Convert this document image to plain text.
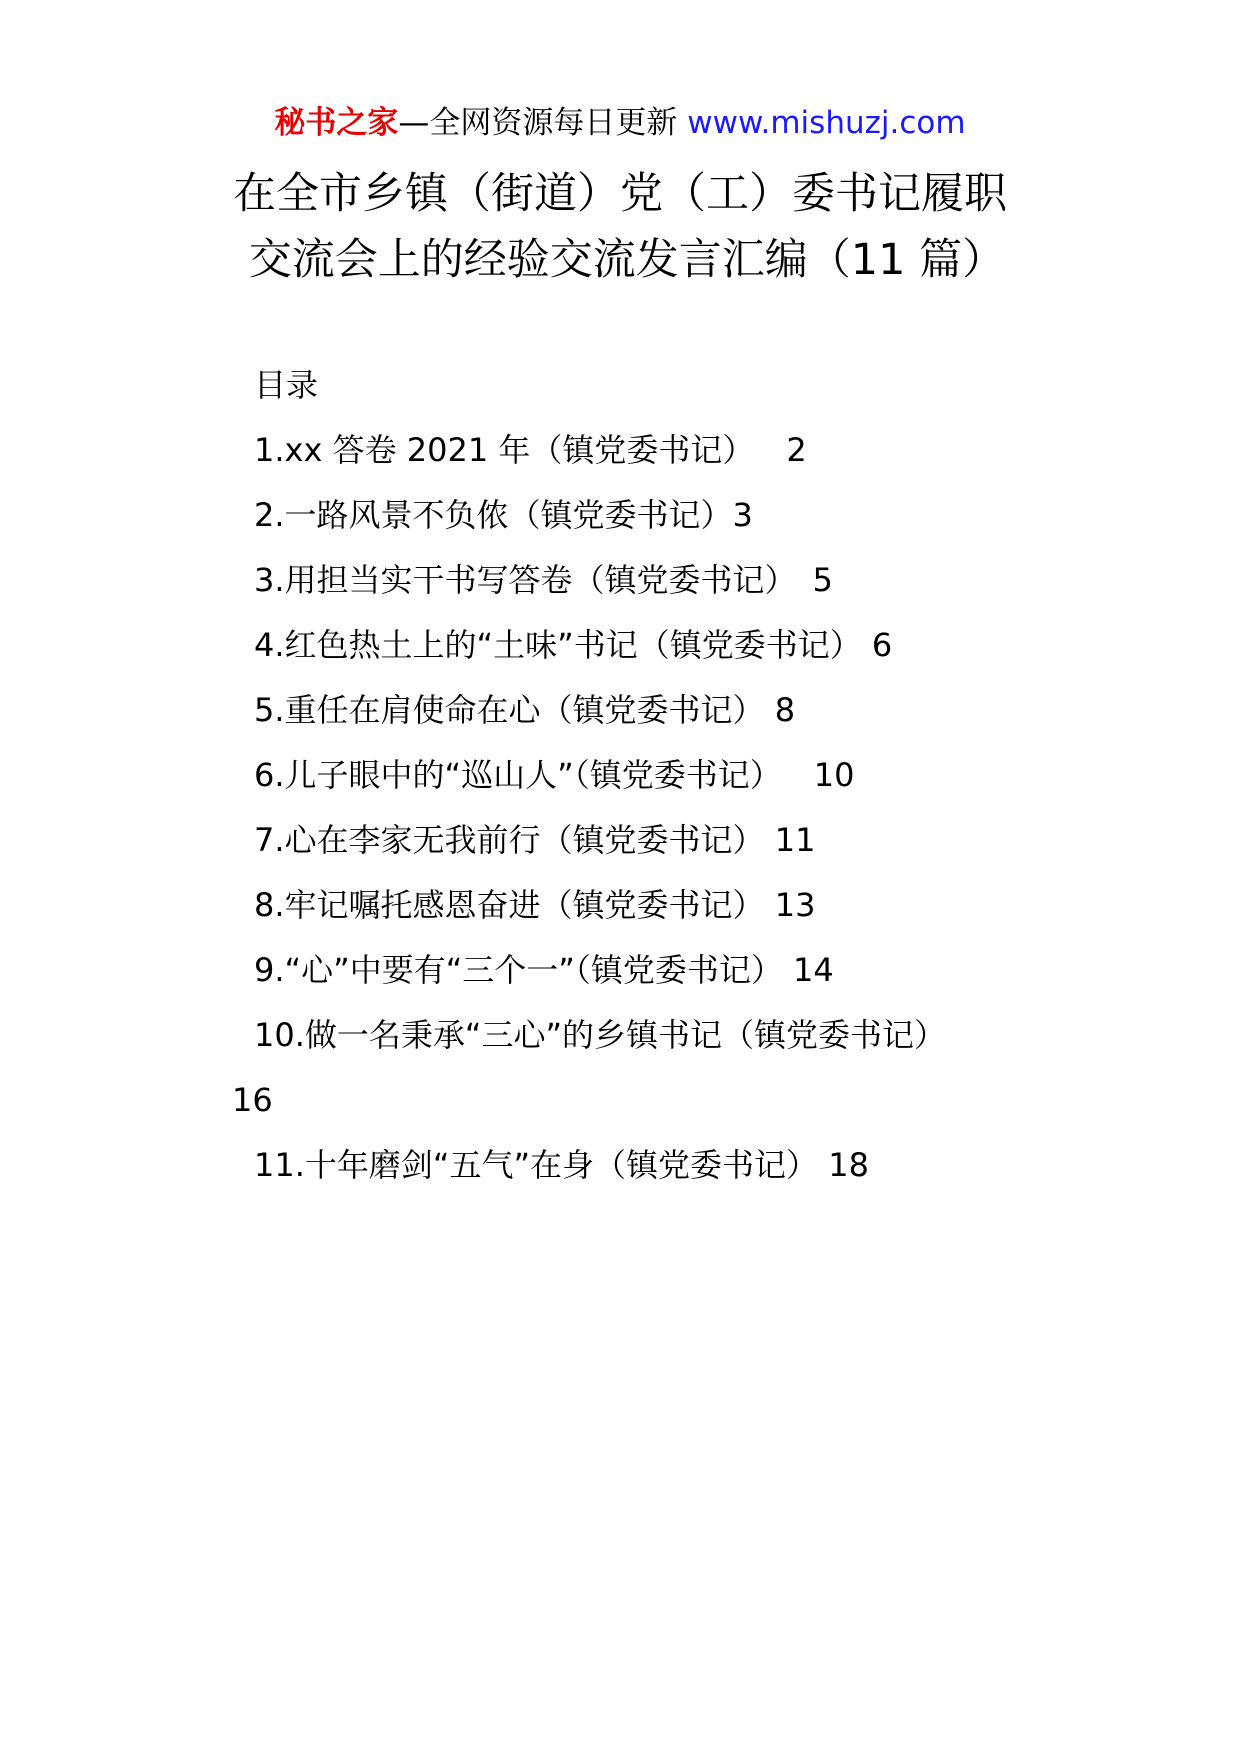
秘书之家—全网资源每日更新 www.mishuzj.com
在全市乡镇（街道）党（工）委书记履职
交流会上的经验交流发言汇编（11 篇）
目录
1.xx 答卷 2021 年（镇党委书记）  2
2.一路风景不负侬（镇党委书记）3
3.用担当实干书写答卷（镇党委书记）  5
4.红色热土上的“土味”书记（镇党委书记） 6
5.重任在肩使命在心（镇党委书记） 8
6.儿子眼中的“巡山人”（镇党委书记）  10
7.心在李家无我前行（镇党委书记） 11
8.牢记嘱托感恩奋进（镇党委书记） 13
9.“心”中要有“三个一”（镇党委书记） 14
10.做一名秉承“三心”的乡镇书记（镇党委书记）
16
11.十年磨剑“五气”在身（镇党委书记） 18
